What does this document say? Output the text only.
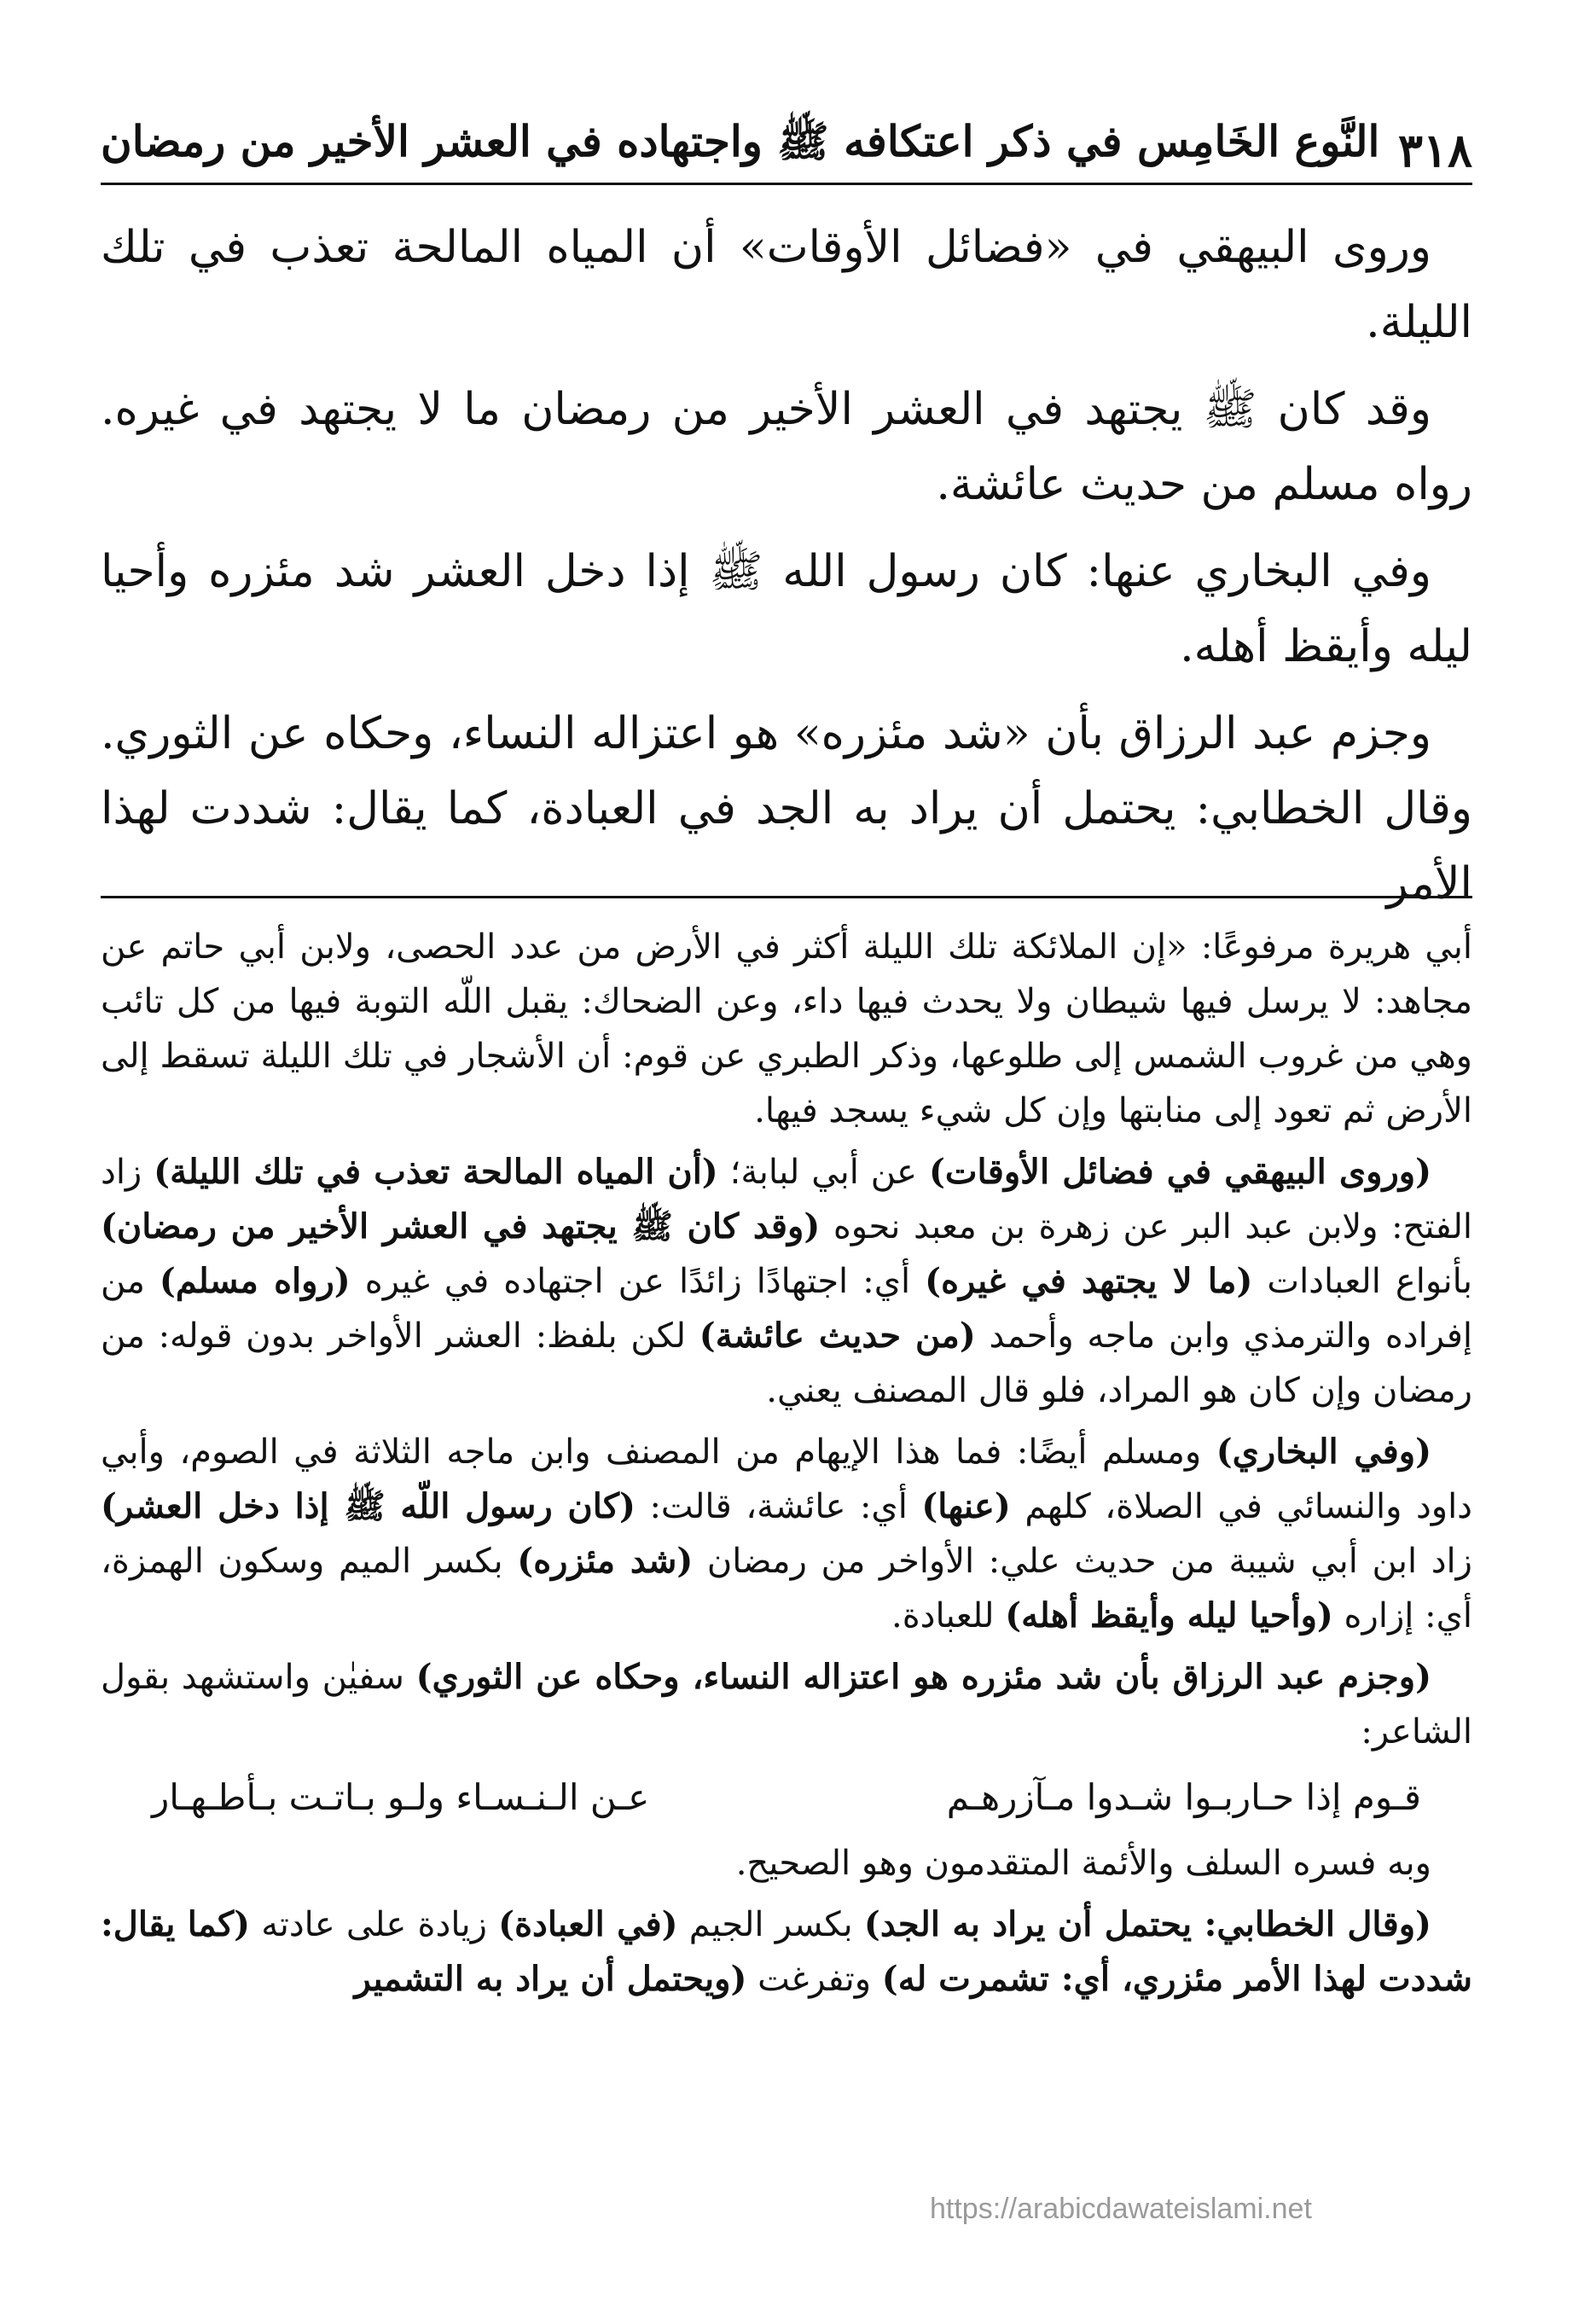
٣١٨
النَّوع الخَامِس في ذكر اعتكافه ﷺ واجتهاده في العشر الأخير من رمضان

وروى البيهقي في «فضائل الأوقات» أن المياه المالحة تعذب في تلك الليلة.

وقد كان ﷺ يجتهد في العشر الأخير من رمضان ما لا يجتهد في غيره. رواه مسلم من حديث عائشة.

وفي البخاري عنها: كان رسول الله ﷺ إذا دخل العشر شد مئزره وأحيا ليله وأيقظ أهله.

وجزم عبد الرزاق بأن «شد مئزره» هو اعتزاله النساء، وحكاه عن الثوري. وقال الخطابي: يحتمل أن يراد به الجد في العبادة، كما يقال: شددت لهذا الأمر

أبي هريرة مرفوعًا: «إن الملائكة تلك الليلة أكثر في الأرض من عدد الحصى، ولابن أبي حاتم عن مجاهد: لا يرسل فيها شيطان ولا يحدث فيها داء، وعن الضحاك: يقبل اللّه التوبة فيها من كل تائب وهي من غروب الشمس إلى طلوعها، وذكر الطبري عن قوم: أن الأشجار في تلك الليلة تسقط إلى الأرض ثم تعود إلى منابتها وإن كل شيء يسجد فيها.

(وروى البيهقي في فضائل الأوقات) عن أبي لبابة؛ (أن المياه المالحة تعذب في تلك الليلة) زاد الفتح: ولابن عبد البر عن زهرة بن معبد نحوه (وقد كان ﷺ يجتهد في العشر الأخير من رمضان) بأنواع العبادات (ما لا يجتهد في غيره) أي: اجتهادًا زائدًا عن اجتهاده في غيره (رواه مسلم) من إفراده والترمذي وابن ماجه وأحمد (من حديث عائشة) لكن بلفظ: العشر الأواخر بدون قوله: من رمضان وإن كان هو المراد، فلو قال المصنف يعني.

(وفي البخاري) ومسلم أيضًا: فما هذا الإيهام من المصنف وابن ماجه الثلاثة في الصوم، وأبي داود والنسائي في الصلاة، كلهم (عنها) أي: عائشة، قالت: (كان رسول اللّه ﷺ إذا دخل العشر) زاد ابن أبي شيبة من حديث علي: الأواخر من رمضان (شد مئزره) بكسر الميم وسكون الهمزة، أي: إزاره (وأحيا ليله وأيقظ أهله) للعبادة.

(وجزم عبد الرزاق بأن شد مئزره هو اعتزاله النساء، وحكاه عن الثوري) سفيٰن واستشهد بقول الشاعر:

قـوم إذا حـاربـوا شـدوا مـآزرهـم
عـن الـنـسـاء ولـو بـاتـت بـأطـهـار

وبه فسره السلف والأئمة المتقدمون وهو الصحيح.

(وقال الخطابي: يحتمل أن يراد به الجد) بكسر الجيم (في العبادة) زيادة على عادته (كما يقال: شددت لهذا الأمر مئزري، أي: تشمرت له) وتفرغت (ويحتمل أن يراد به التشمير

https://arabicdawateislami.net
